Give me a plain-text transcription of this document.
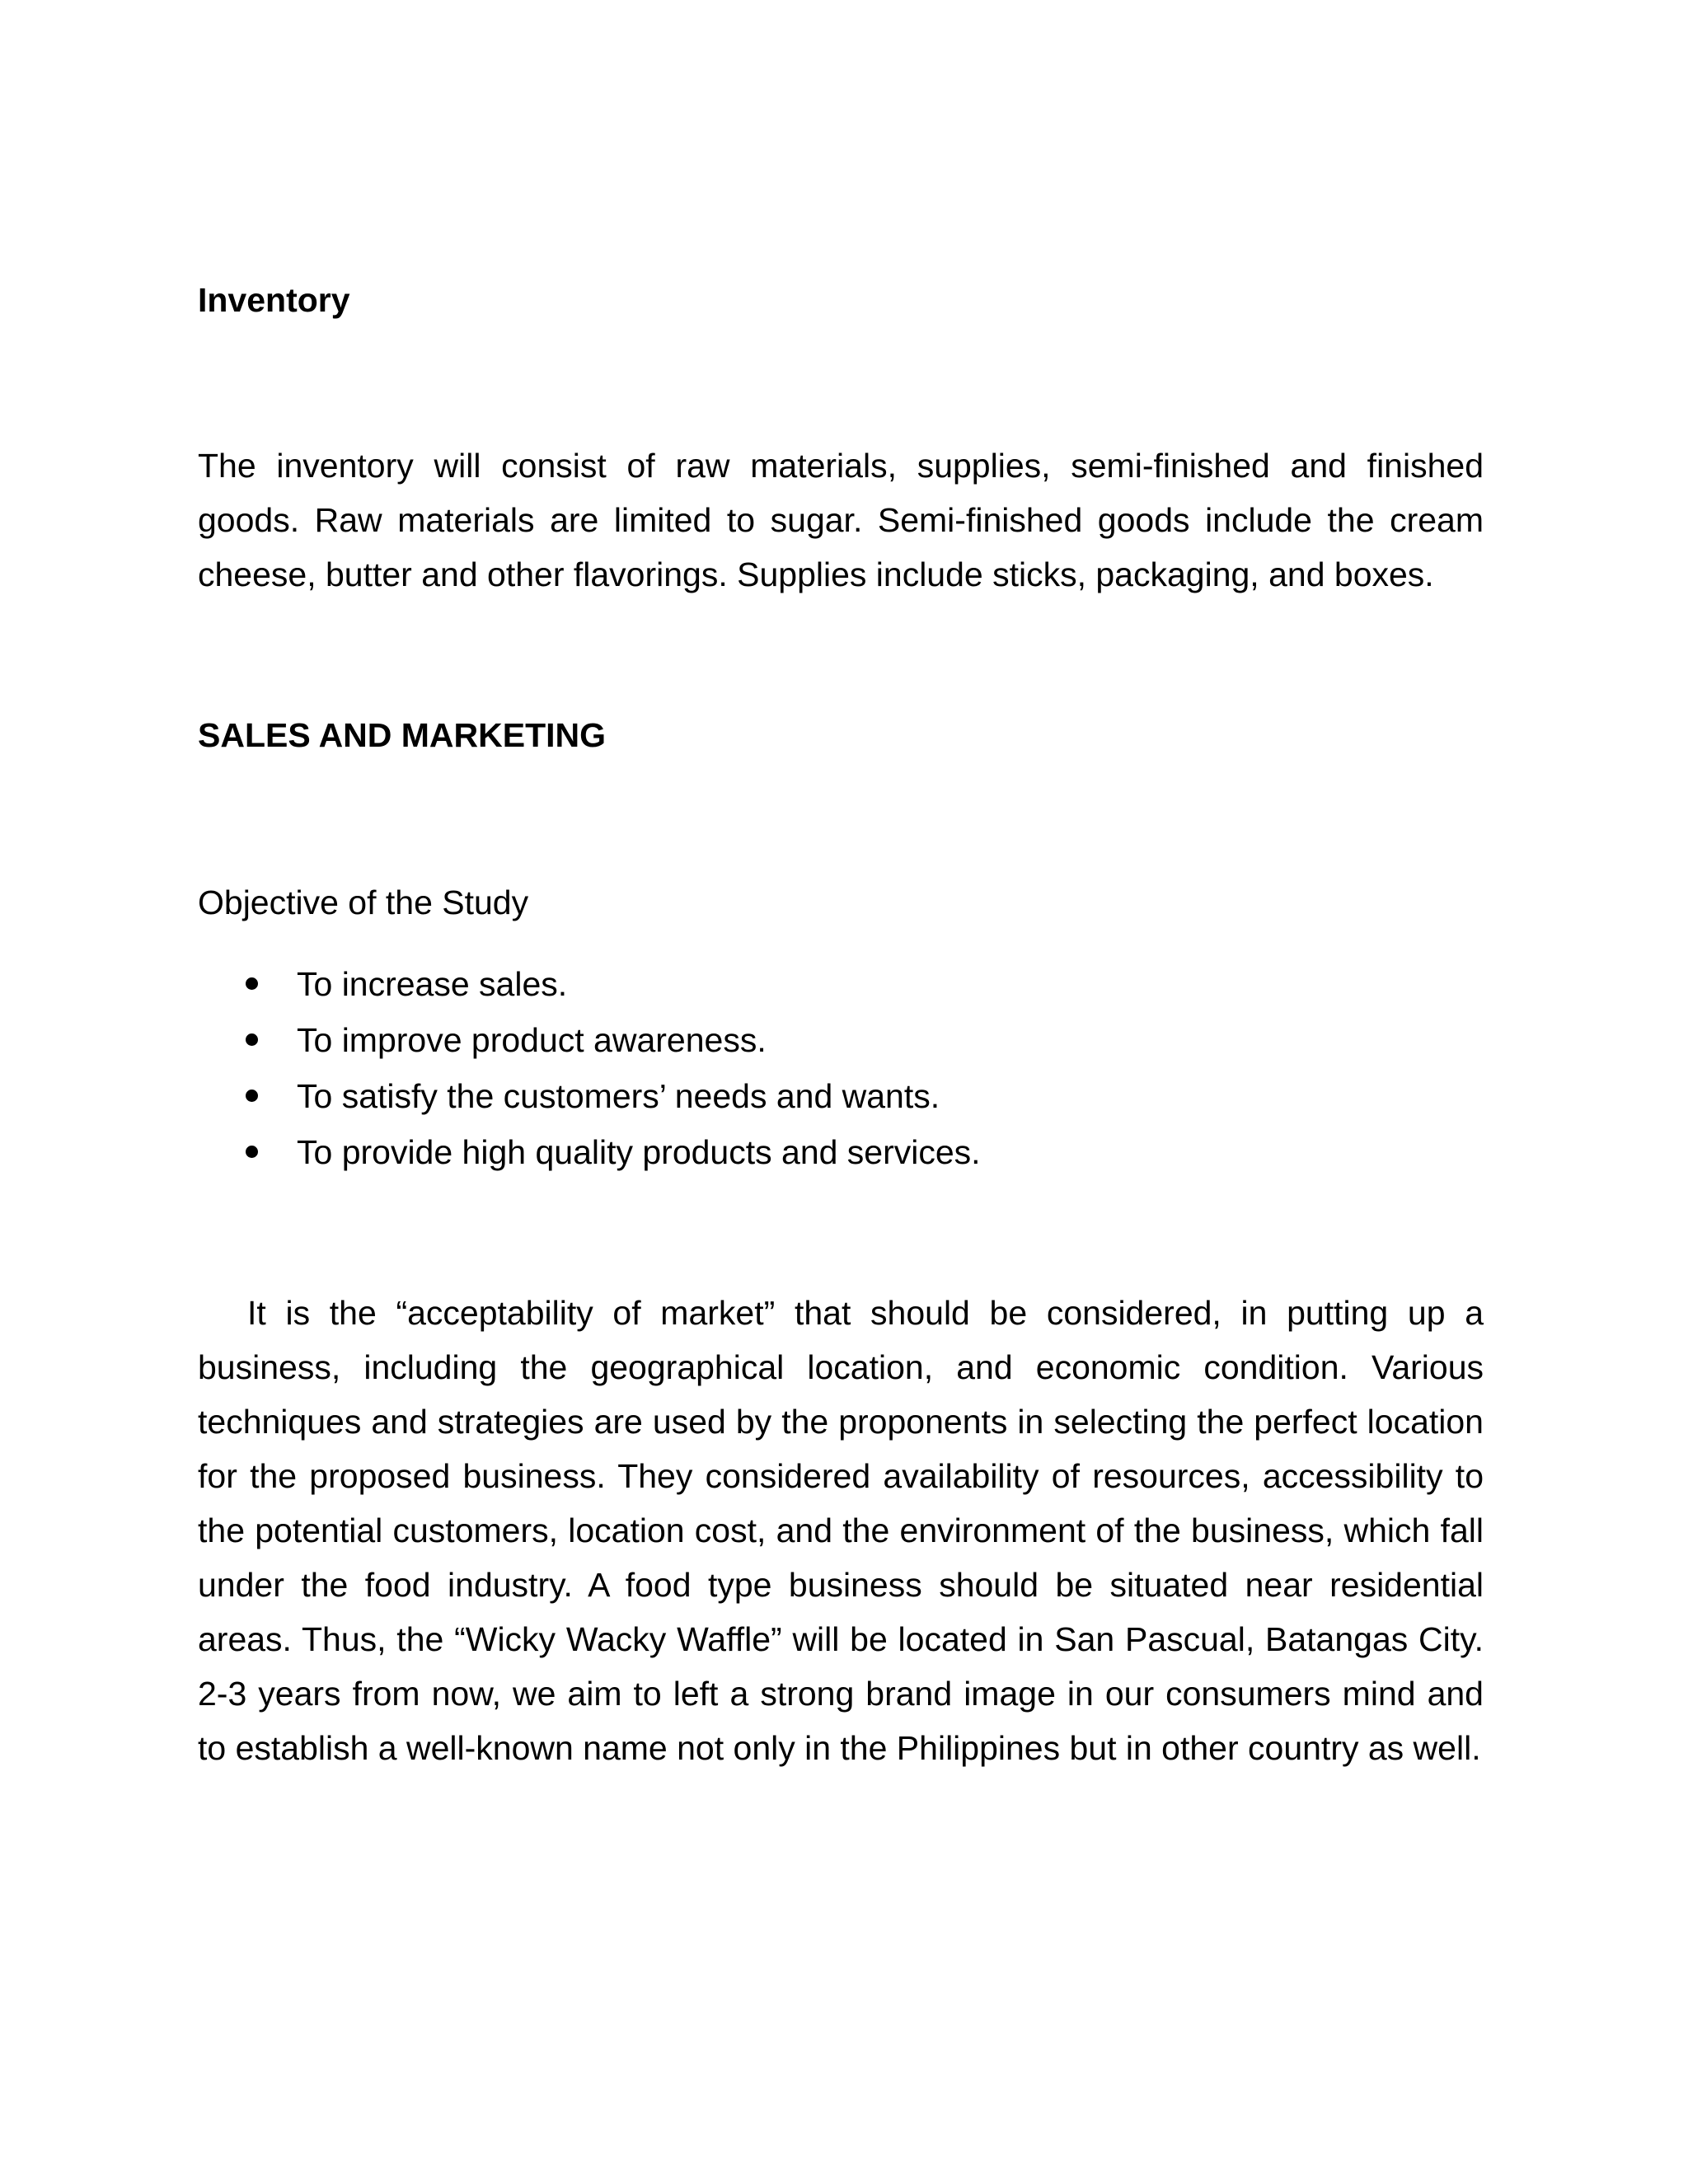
Inventory

The inventory will consist of raw materials, supplies, semi-finished and finished goods. Raw materials are limited to sugar. Semi-finished goods include the cream cheese, butter and other flavorings. Supplies include sticks, packaging, and boxes.

SALES AND MARKETING
Objective of the Study
To increase sales.
To improve product awareness.
To satisfy the customers’ needs and wants.
To provide high quality products and services.

It is the “acceptability of market” that should be considered, in putting up a business, including the geographical location, and economic condition. Various techniques and strategies are used by the proponents in selecting the perfect location for the proposed business. They considered availability of resources, accessibility to the potential customers, location cost, and the environment of the business, which fall under the food industry. A food type business should be situated near residential areas. Thus, the “Wicky Wacky Waffle” will be located in San Pascual, Batangas City. 2-3 years from now, we aim to left a strong brand image in our consumers mind and to establish a well-known name not only in the Philippines but in other country as well.
